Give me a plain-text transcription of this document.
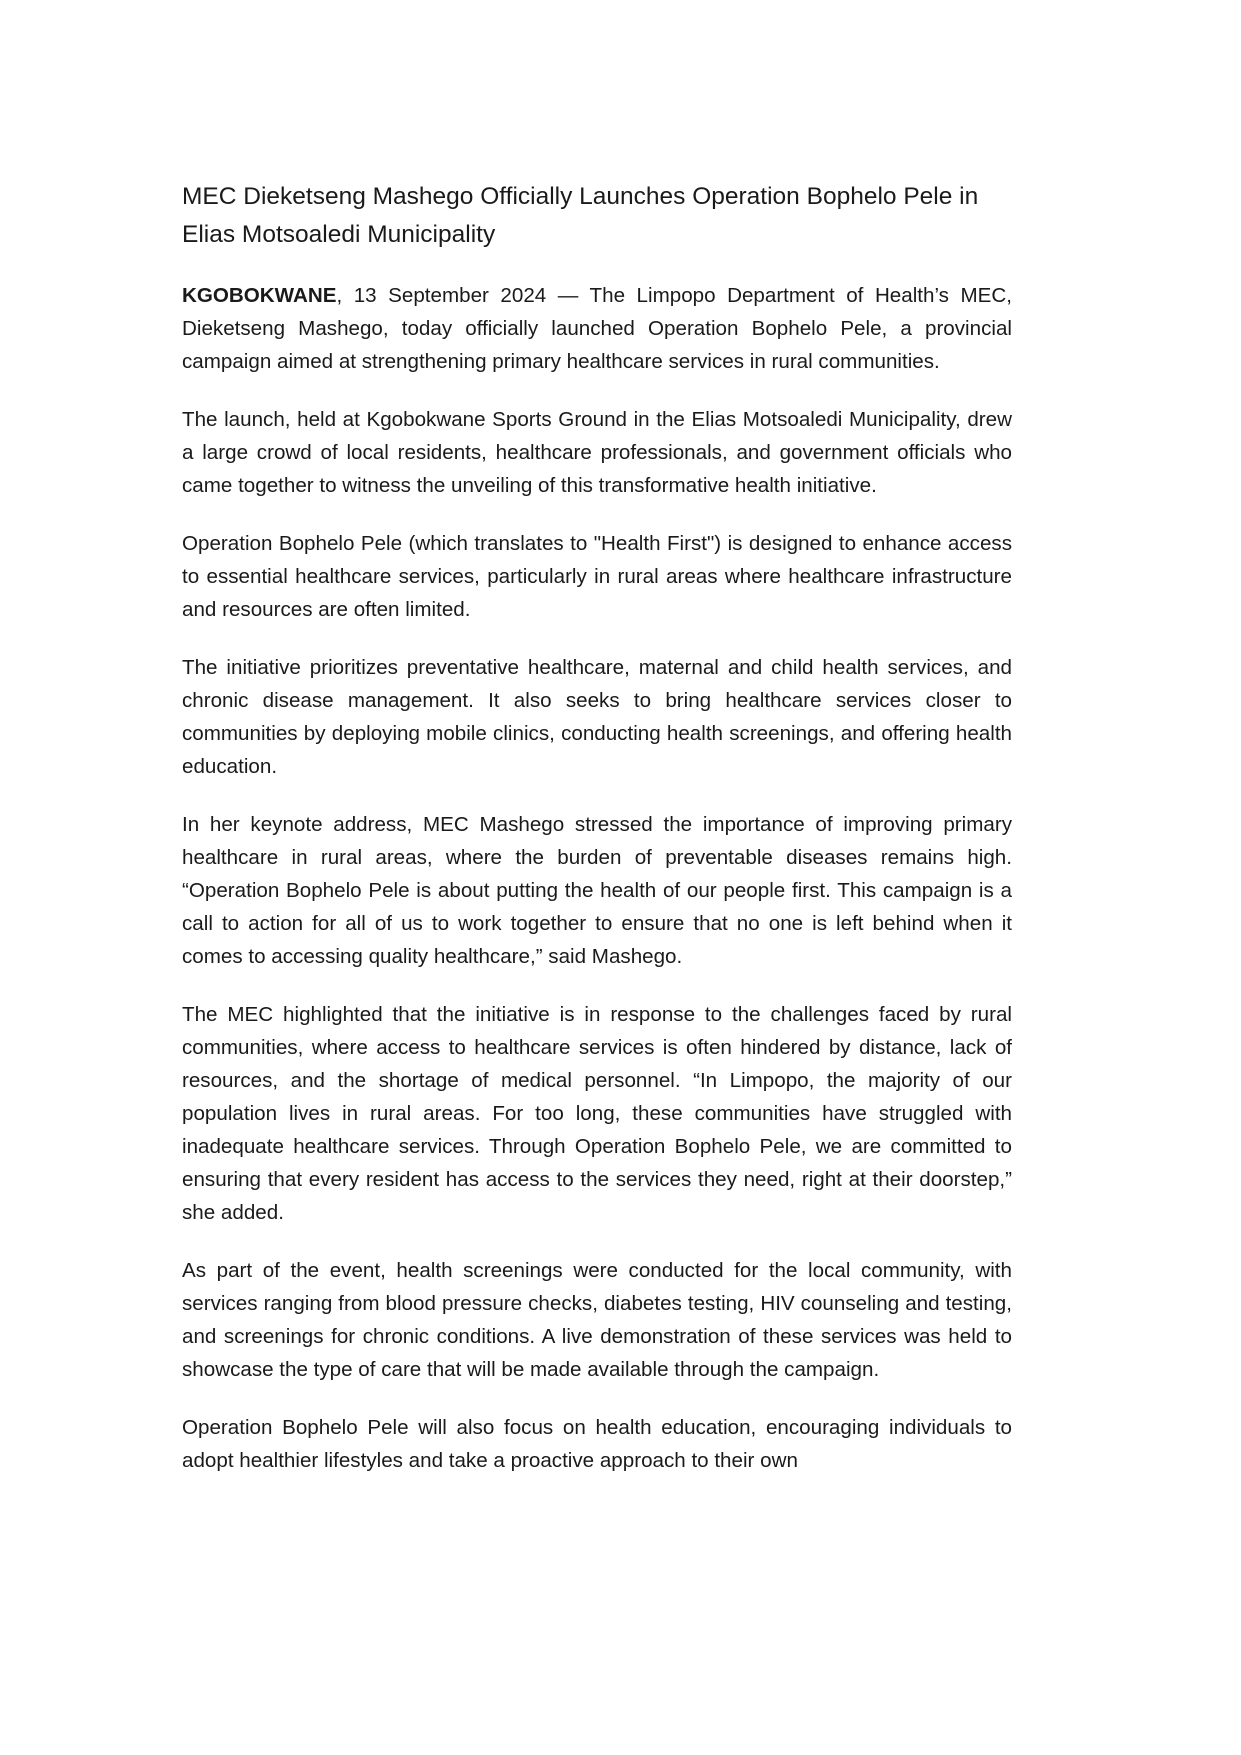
MEC Dieketseng Mashego Officially Launches Operation Bophelo Pele in Elias Motsoaledi Municipality

KGOBOKWANE, 13 September 2024 — The Limpopo Department of Health’s MEC, Dieketseng Mashego, today officially launched Operation Bophelo Pele, a provincial campaign aimed at strengthening primary healthcare services in rural communities.

The launch, held at Kgobokwane Sports Ground in the Elias Motsoaledi Municipality, drew a large crowd of local residents, healthcare professionals, and government officials who came together to witness the unveiling of this transformative health initiative.

Operation Bophelo Pele (which translates to "Health First") is designed to enhance access to essential healthcare services, particularly in rural areas where healthcare infrastructure and resources are often limited.

The initiative prioritizes preventative healthcare, maternal and child health services, and chronic disease management. It also seeks to bring healthcare services closer to communities by deploying mobile clinics, conducting health screenings, and offering health education.

In her keynote address, MEC Mashego stressed the importance of improving primary healthcare in rural areas, where the burden of preventable diseases remains high. “Operation Bophelo Pele is about putting the health of our people first. This campaign is a call to action for all of us to work together to ensure that no one is left behind when it comes to accessing quality healthcare,” said Mashego.

The MEC highlighted that the initiative is in response to the challenges faced by rural communities, where access to healthcare services is often hindered by distance, lack of resources, and the shortage of medical personnel. “In Limpopo, the majority of our population lives in rural areas. For too long, these communities have struggled with inadequate healthcare services. Through Operation Bophelo Pele, we are committed to ensuring that every resident has access to the services they need, right at their doorstep,” she added.

As part of the event, health screenings were conducted for the local community, with services ranging from blood pressure checks, diabetes testing, HIV counseling and testing, and screenings for chronic conditions. A live demonstration of these services was held to showcase the type of care that will be made available through the campaign.

Operation Bophelo Pele will also focus on health education, encouraging individuals to adopt healthier lifestyles and take a proactive approach to their own
